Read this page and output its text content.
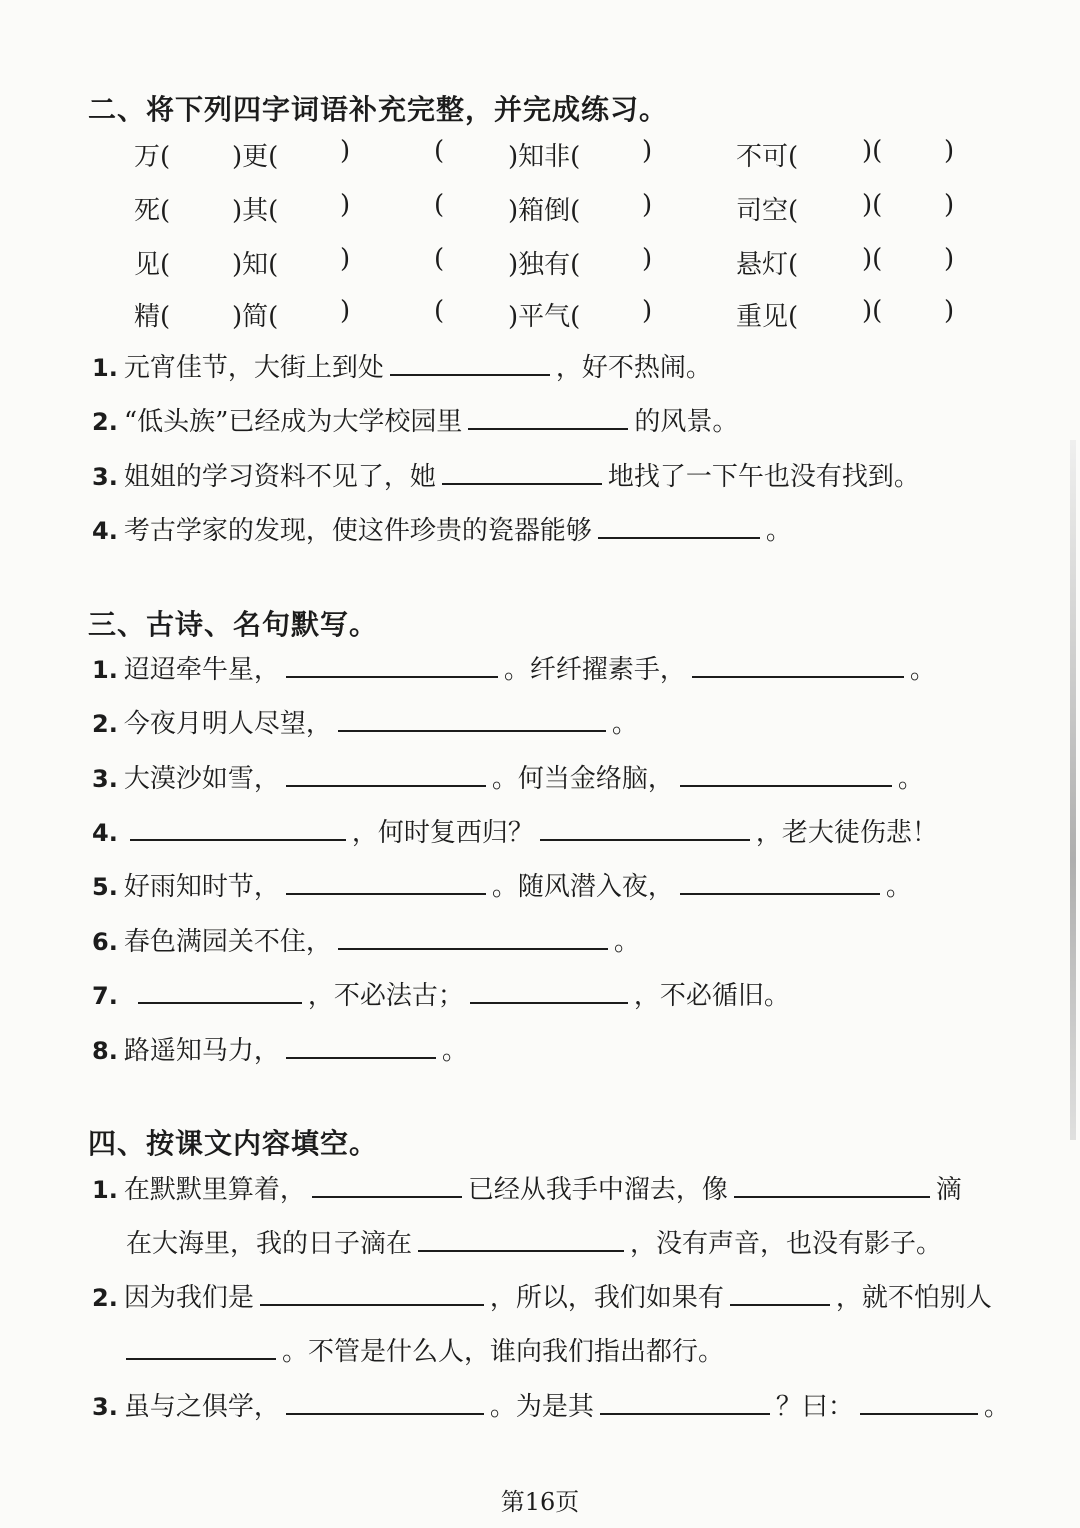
二、将下列四字词语补充完整，并完成练习。
万( )更( )	( )知非( )	不可( )( )
死( )其( )	( )箱倒( )	司空( )( )
见( )知( )	( )独有( )	悬灯( )( )
精( )简( )	( )平气( )	重见( )( )
1. 元宵佳节，大街上到处	，好不热闹。
2. “低头族”已经成为大学校园里	的风景。
3. 姐姐的学习资料不见了，她	地找了一下午也没有找到。
4. 考古学家的发现，使这件珍贵的瓷器能够	。
三、古诗、名句默写。
1. 迢迢牵牛星，	。纤纤擢素手，	。
2. 今夜月明人尽望，	。
3. 大漠沙如雪，	。何当金络脑，	。
4.	，何时复西归？	，老大徒伤悲！
5. 好雨知时节，	。随风潜入夜，	。
6. 春色满园关不住，	。
7.	，不必法古；	，不必循旧。
8. 路遥知马力，	。
四、按课文内容填空。
1. 在默默里算着，	已经从我手中溜去，像	滴
在大海里，我的日子滴在	，没有声音，也没有影子。
2. 因为我们是	，所以，我们如果有	，就不怕别人
。不管是什么人，谁向我们指出都行。
3. 虽与之俱学，	。为是其	？曰：	。
第16页
